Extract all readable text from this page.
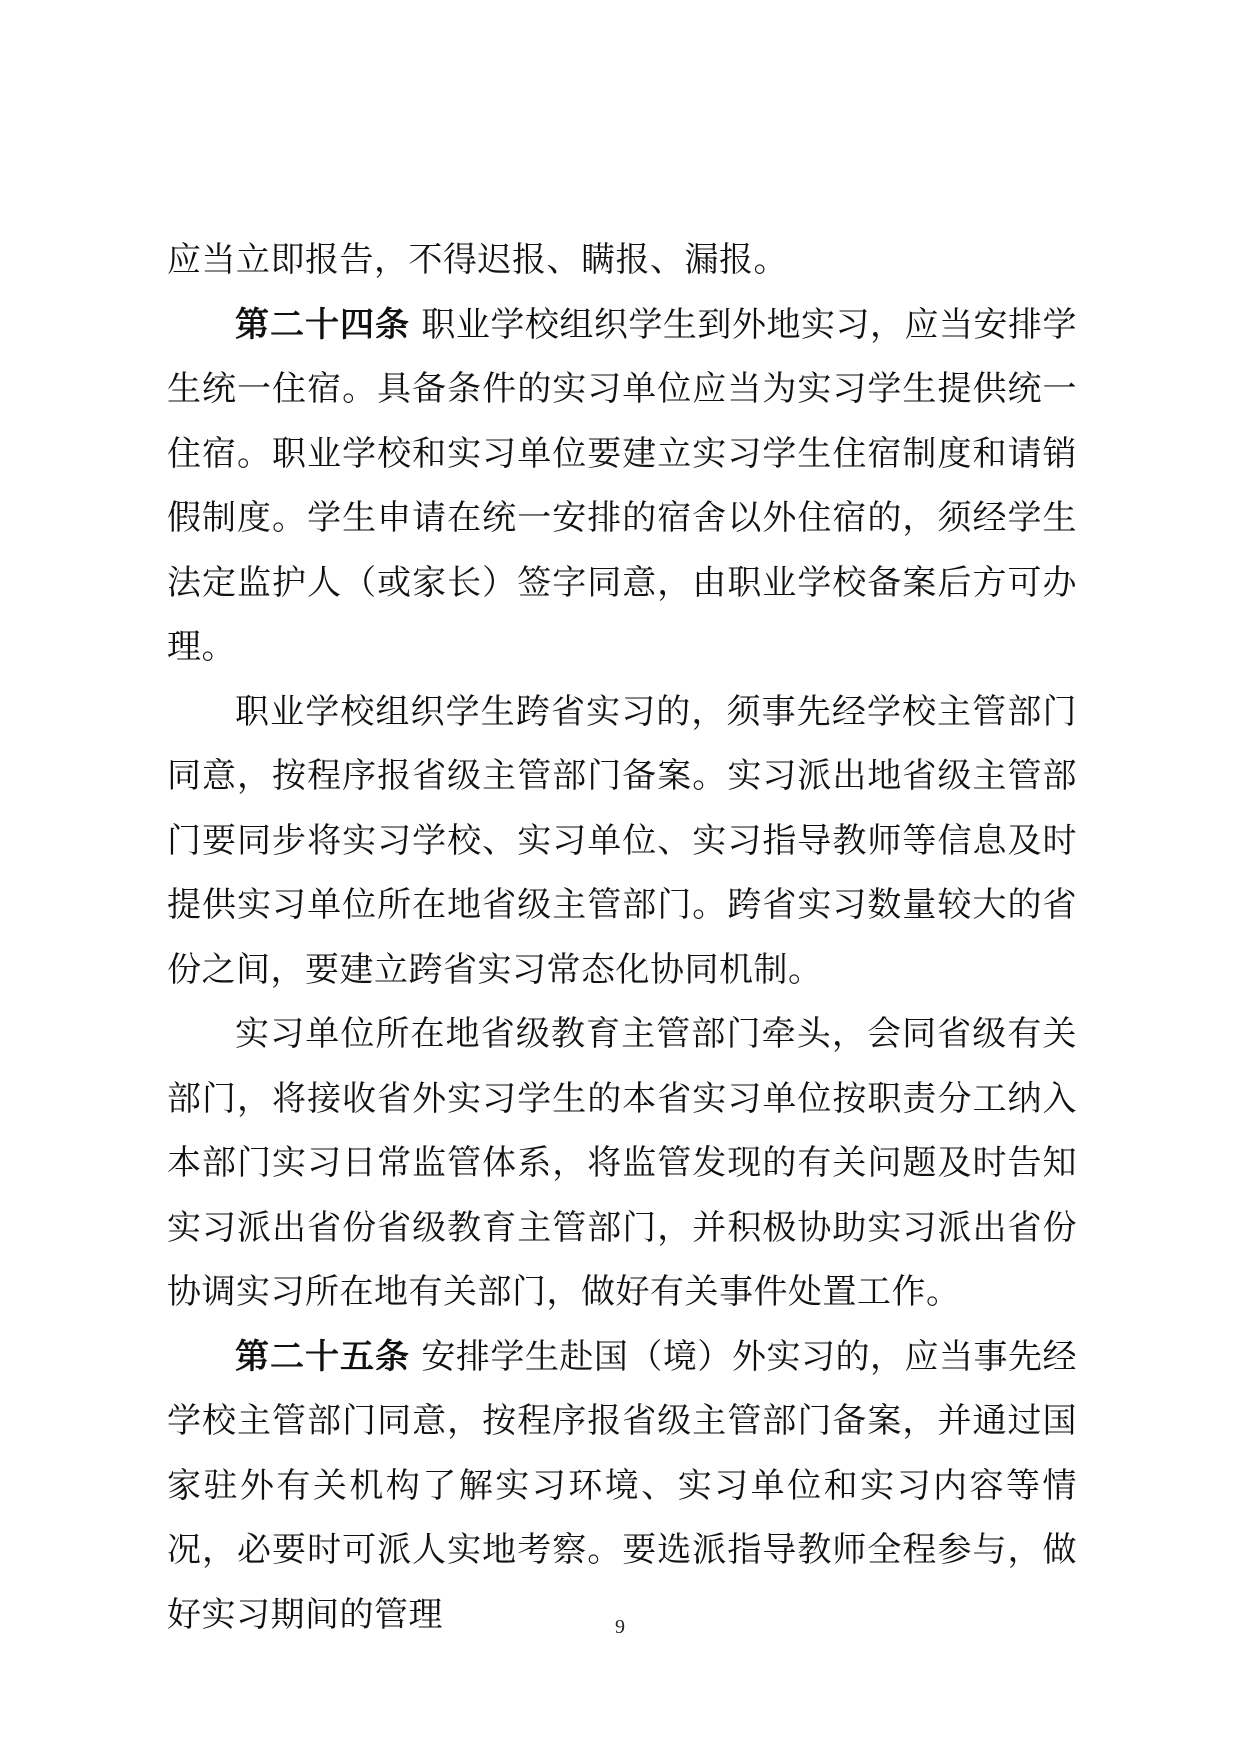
应当立即报告，不得迟报、瞒报、漏报。

第二十四条 职业学校组织学生到外地实习，应当安排学生统一住宿。具备条件的实习单位应当为实习学生提供统一住宿。职业学校和实习单位要建立实习学生住宿制度和请销假制度。学生申请在统一安排的宿舍以外住宿的，须经学生法定监护人（或家长）签字同意，由职业学校备案后方可办理。

职业学校组织学生跨省实习的，须事先经学校主管部门同意，按程序报省级主管部门备案。实习派出地省级主管部门要同步将实习学校、实习单位、实习指导教师等信息及时提供实习单位所在地省级主管部门。跨省实习数量较大的省份之间，要建立跨省实习常态化协同机制。

实习单位所在地省级教育主管部门牵头，会同省级有关部门，将接收省外实习学生的本省实习单位按职责分工纳入本部门实习日常监管体系，将监管发现的有关问题及时告知实习派出省份省级教育主管部门，并积极协助实习派出省份协调实习所在地有关部门，做好有关事件处置工作。

第二十五条 安排学生赴国（境）外实习的，应当事先经学校主管部门同意，按程序报省级主管部门备案，并通过国家驻外有关机构了解实习环境、实习单位和实习内容等情况，必要时可派人实地考察。要选派指导教师全程参与，做好实习期间的管理	9
